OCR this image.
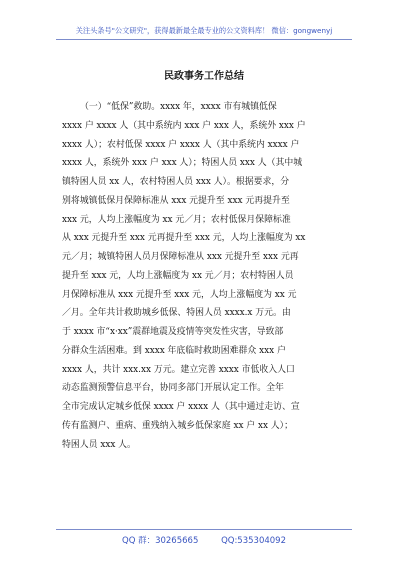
关注头条号"公文研究"，获得最新最全最专业的公文资料库！ 微信：gongwenyj
民政事务工作总结
（一）“低保”救助。xxxx 年，xxxx 市有城镇低保
xxxx 户 xxxx 人（其中系统内 xxx 户 xxx 人，系统外 xxx 户
xxxx 人）；农村低保 xxxx 户 xxxx 人（其中系统内 xxxx 户
xxxx 人，系统外 xxx 户 xxx 人）；特困人员 xxx 人（其中城
镇特困人员 xx 人，农村特困人员 xxx 人）。根据要求，分
别将城镇低保月保障标准从 xxx 元提升至 xxx 元再提升至
xxx 元，人均上涨幅度为 xx 元／月；农村低保月保障标准
从 xxx 元提升至 xxx 元再提升至 xxx 元，人均上涨幅度为 xx
元／月；城镇特困人员月保障标准从 xxx 元提升至 xxx 元再
提升至 xxx 元，人均上涨幅度为 xx 元／月；农村特困人员
月保障标准从 xxx 元提升至 xxx 元，人均上涨幅度为 xx 元
／月。全年共计救助城乡低保、特困人员 xxxx.x 万元。由
于 xxxx 市“x·xx”震群地震及疫情等突发性灾害，导致部
分群众生活困难。到 xxxx 年底临时救助困难群众 xxx 户
xxxx 人，共计 xxx.xx 万元。建立完善 xxxx 市低收入人口
动态监测预警信息平台，协同多部门开展认定工作。全年
全市完成认定城乡低保 xxxx 户 xxxx 人（其中通过走访、宣
传有监测户、重病、重残纳入城乡低保家庭 xx 户 xx 人）；
特困人员 xxx 人。
QQ 群：30265665	QQ:535304092
